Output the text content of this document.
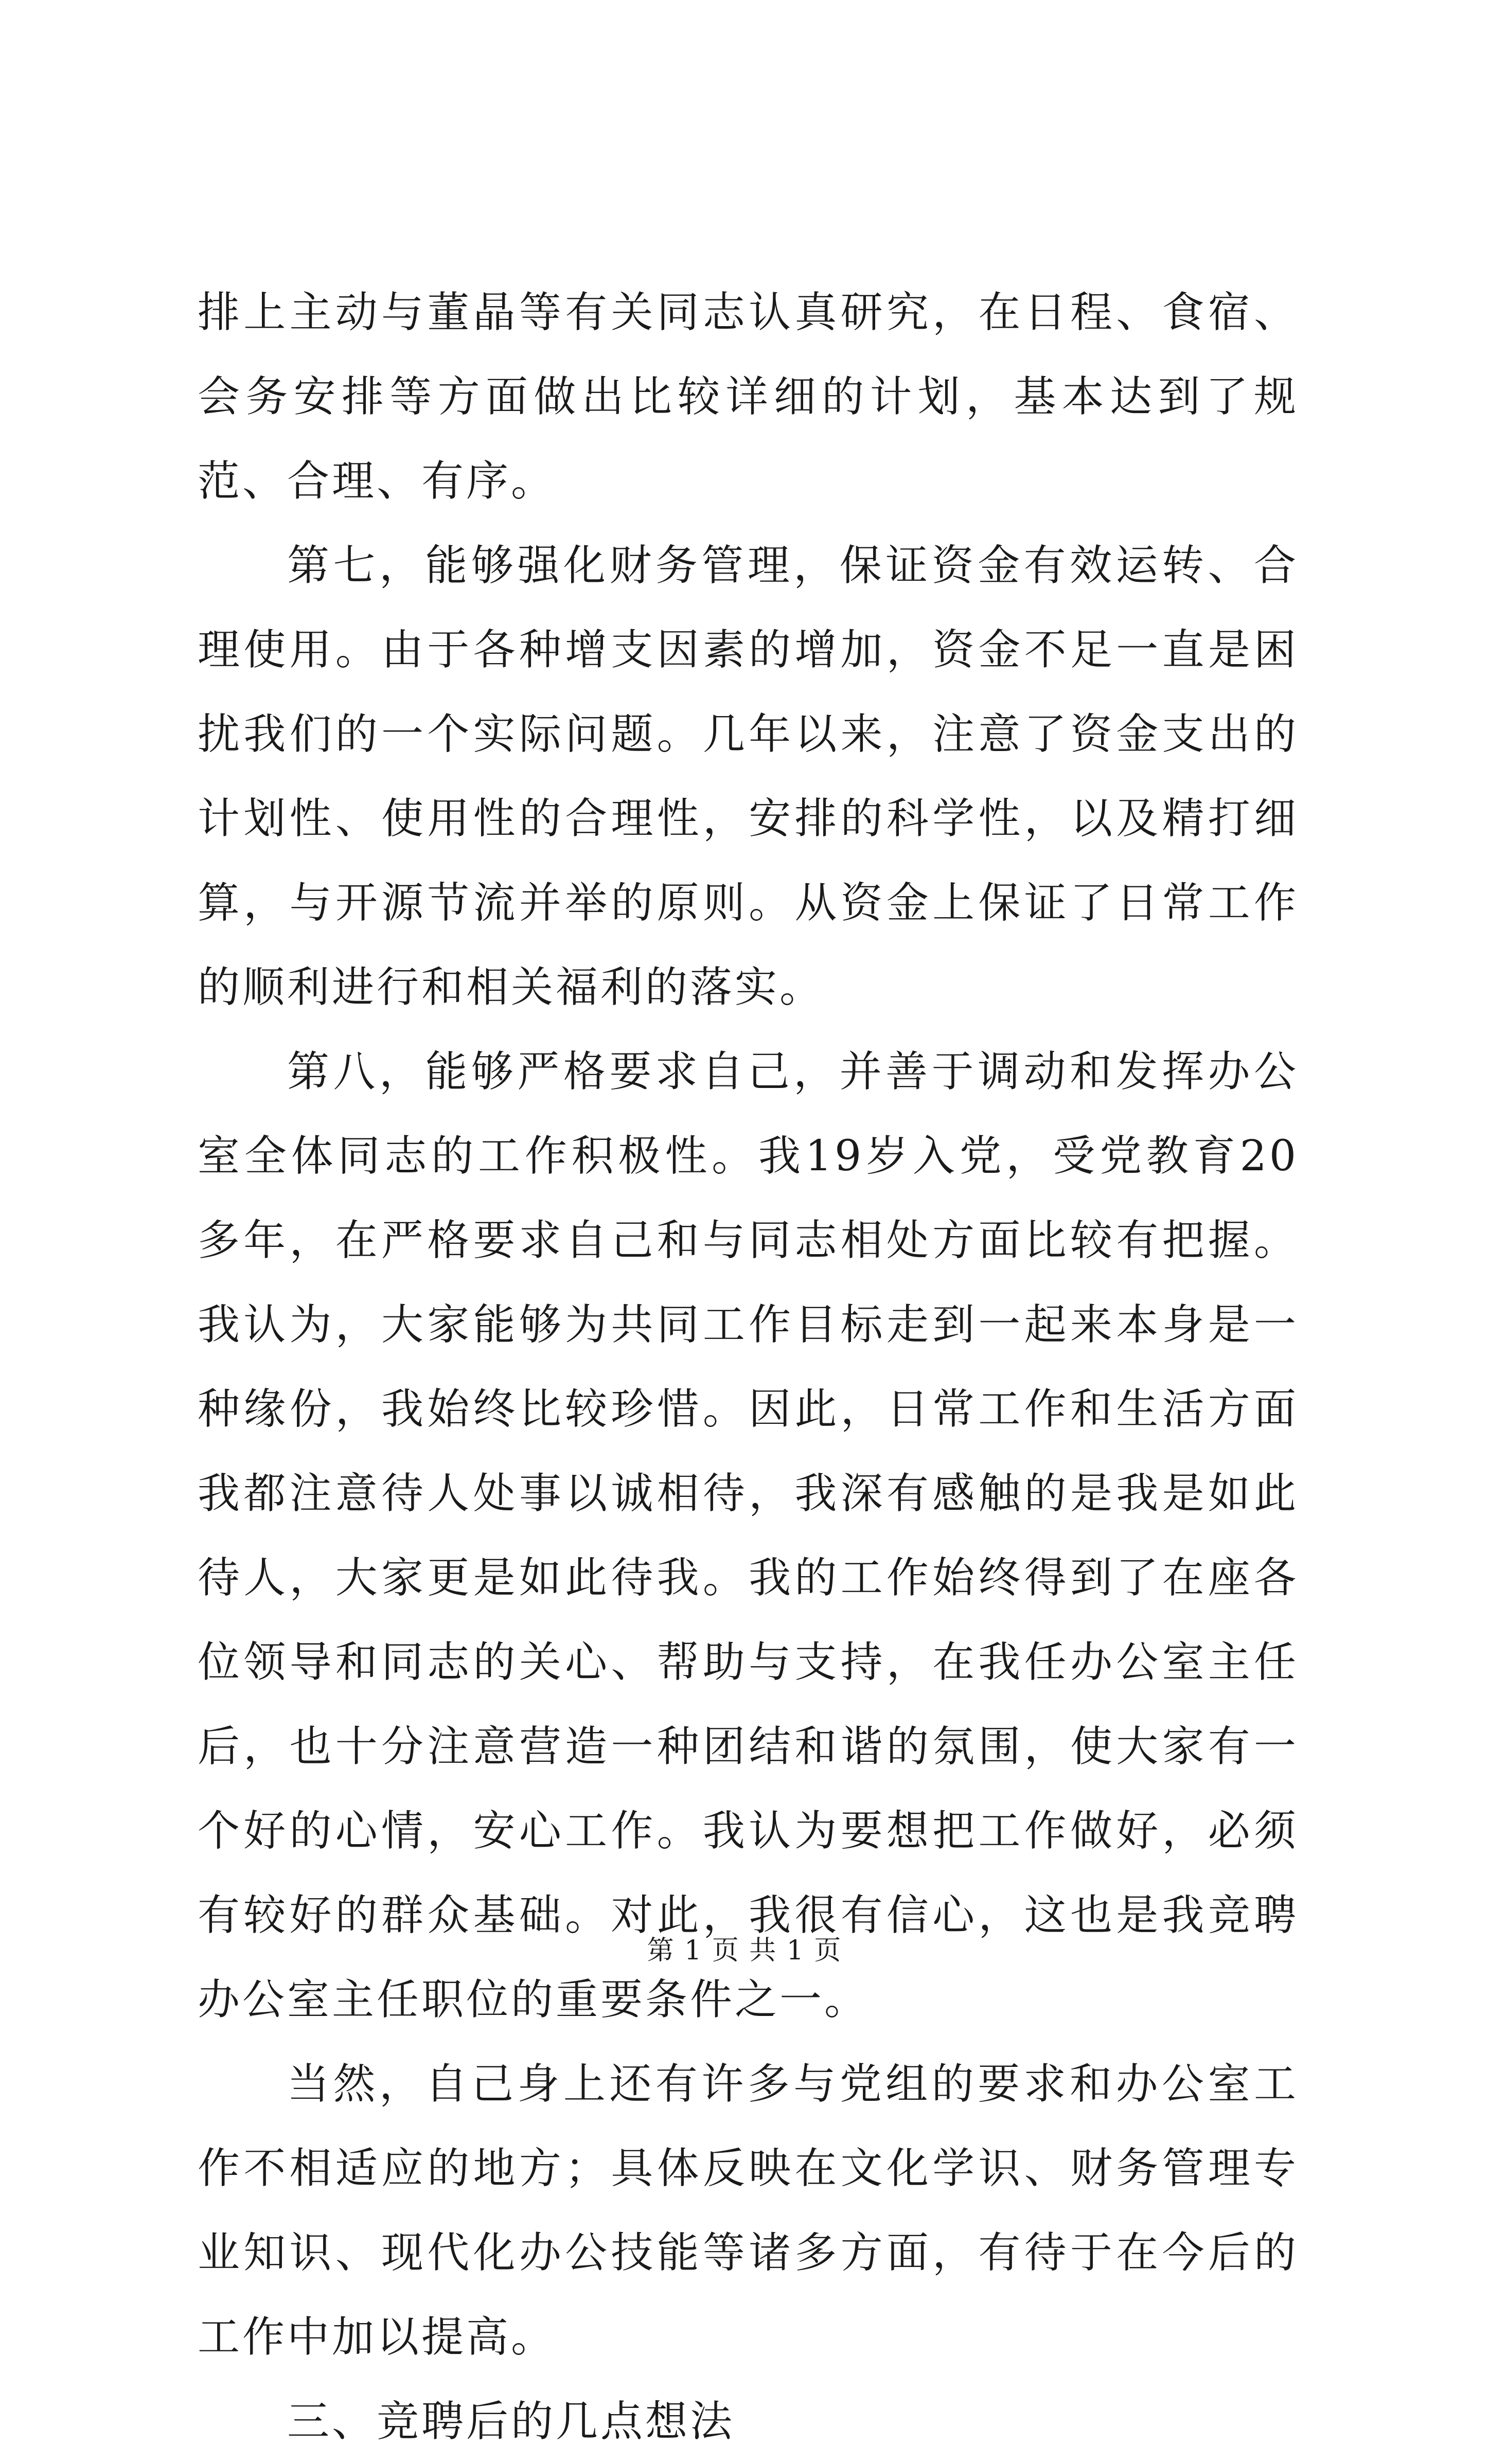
排上主动与董晶等有关同志认真研究，在日程、食宿、会务安排等方面做出比较详细的计划，基本达到了规范、合理、有序。

第七，能够强化财务管理，保证资金有效运转、合理使用。由于各种增支因素的增加，资金不足一直是困扰我们的一个实际问题。几年以来，注意了资金支出的计划性、使用性的合理性，安排的科学性，以及精打细算，与开源节流并举的原则。从资金上保证了日常工作的顺利进行和相关福利的落实。

第八，能够严格要求自己，并善于调动和发挥办公室全体同志的工作积极性。我19岁入党，受党教育20多年，在严格要求自己和与同志相处方面比较有把握。我认为，大家能够为共同工作目标走到一起来本身是一种缘份，我始终比较珍惜。因此，日常工作和生活方面我都注意待人处事以诚相待，我深有感触的是我是如此待人，大家更是如此待我。我的工作始终得到了在座各位领导和同志的关心、帮助与支持，在我任办公室主任后，也十分注意营造一种团结和谐的氛围，使大家有一个好的心情，安心工作。我认为要想把工作做好，必须有较好的群众基础。对此，我很有信心，这也是我竞聘办公室主任职位的重要条件之一。

当然，自己身上还有许多与党组的要求和办公室工作不相适应的地方；具体反映在文化学识、财务管理专业知识、现代化办公技能等诸多方面，有待于在今后的工作中加以提高。

三、竞聘后的几点想法

第 1 页 共 1 页
